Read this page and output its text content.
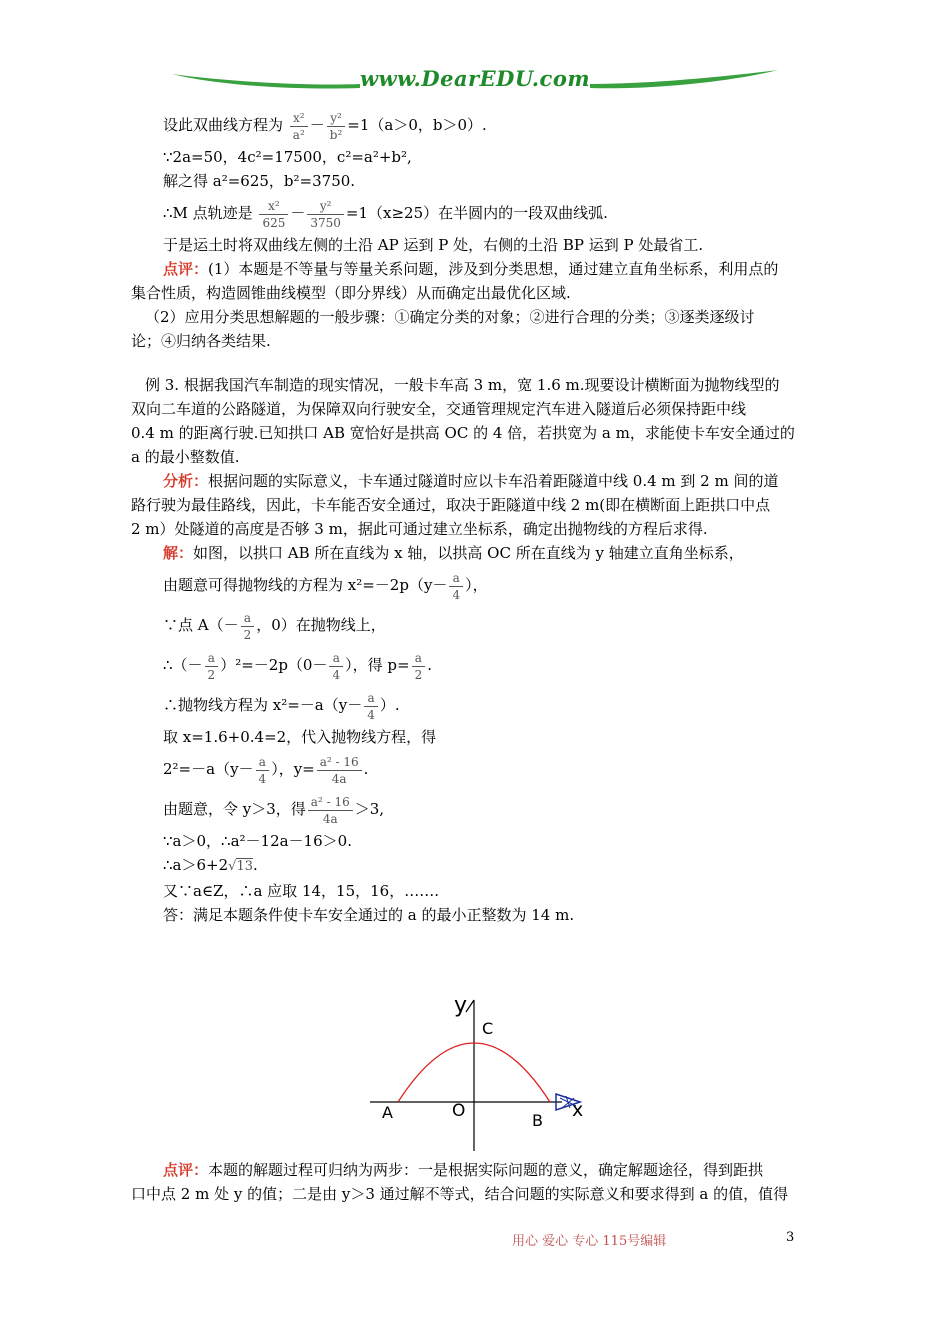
www.DearEDU.com

设此双曲线方程为 $\frac{\text{x²}}{\text{a²}} - \frac{\text{y²}}{\text{b²}} =1(a>0$，b＞0）.

∵2a=50，4c²=17500，c²=a²+b²,

解之得 a²=625，b²=3750.

∴M 点轨迹是 $\frac{\text{x²}}{625} - \frac{\text{y²}}{3750} =1(x\ge 25)$在半圆内的一段双曲线弧.

于是运土时将双曲线左侧的土沿 AP 运到 P 处，右侧的土沿 BP 运到 P 处最省工.

点评：(1）本题是不等量与等量关系问题，涉及到分类思想，通过建立直角坐标系，利用点的

集合性质，构造圆锥曲线模型（即分界线）从而确定出最优化区域.

（2）应用分类思想解题的一般步骤：①确定分类的对象；②进行合理的分类；③逐类逐级讨

论；④归纳各类结果.

例 3. 根据我国汽车制造的现实情况，一般卡车高 3 m，宽 1.6 m.现要设计横断面为抛物线型的

双向二车道的公路隧道，为保障双向行驶安全，交通管理规定汽车进入隧道后必须保持距中线

0.4 m 的距离行驶.已知拱口 AB 宽恰好是拱高 OC 的 4 倍，若拱宽为 a m，求能使卡车安全通过的

a 的最小整数值.

分析：根据问题的实际意义，卡车通过隧道时应以卡车沿着距隧道中线 0.4 m 到 2 m 间的道

路行驶为最佳路线，因此，卡车能否安全通过，取决于距隧道中线 2 m(即在横断面上距拱口中点

2 m）处隧道的高度是否够 3 m，据此可通过建立坐标系，确定出抛物线的方程后求得.

解：如图，以拱口 AB 所在直线为 x 轴，以拱高 OC 所在直线为 y 轴建立直角坐标系，

由题意可得抛物线的方程为 $x^2=-2p(y- \frac{a}{4}$ ），

∵点 $A(- \frac{a}{2}$ ，0）在抛物线上，

∴（－ $\frac{a}{2} )^2=-2p(0- \frac{a}{4}$ ），得 $p= \frac{a}{2}$ .

∴抛物线方程为 $x^2=-a(y- \frac{a}{4}$ ）.

取 x=1.6+0.4=2，代入抛物线方程，得

$2^2=-a(y- \frac{a}{4}$ ），$y= \frac{\text{a² - 16}}{4a}$ .

由题意，令 y＞3，得 $\frac{\text{a² - 16}}{4a} >3$,

∵a＞0，∴a²－12a－16＞0.

∴a＞6+2√13.

又∵a∈Z，∴a 应取 14，15，16，…….

答：满足本题条件使卡车安全通过的 a 的最小正整数为 14 m.

y
C
A	O	B x

点评：本题的解题过程可归纳为两步：一是根据实际问题的意义，确定解题途径，得到距拱

口中点 2 m 处 y 的值；二是由 y＞3 通过解不等式，结合问题的实际意义和要求得到 a 的值，值得

用心 爱心 专心 115号编辑	3
